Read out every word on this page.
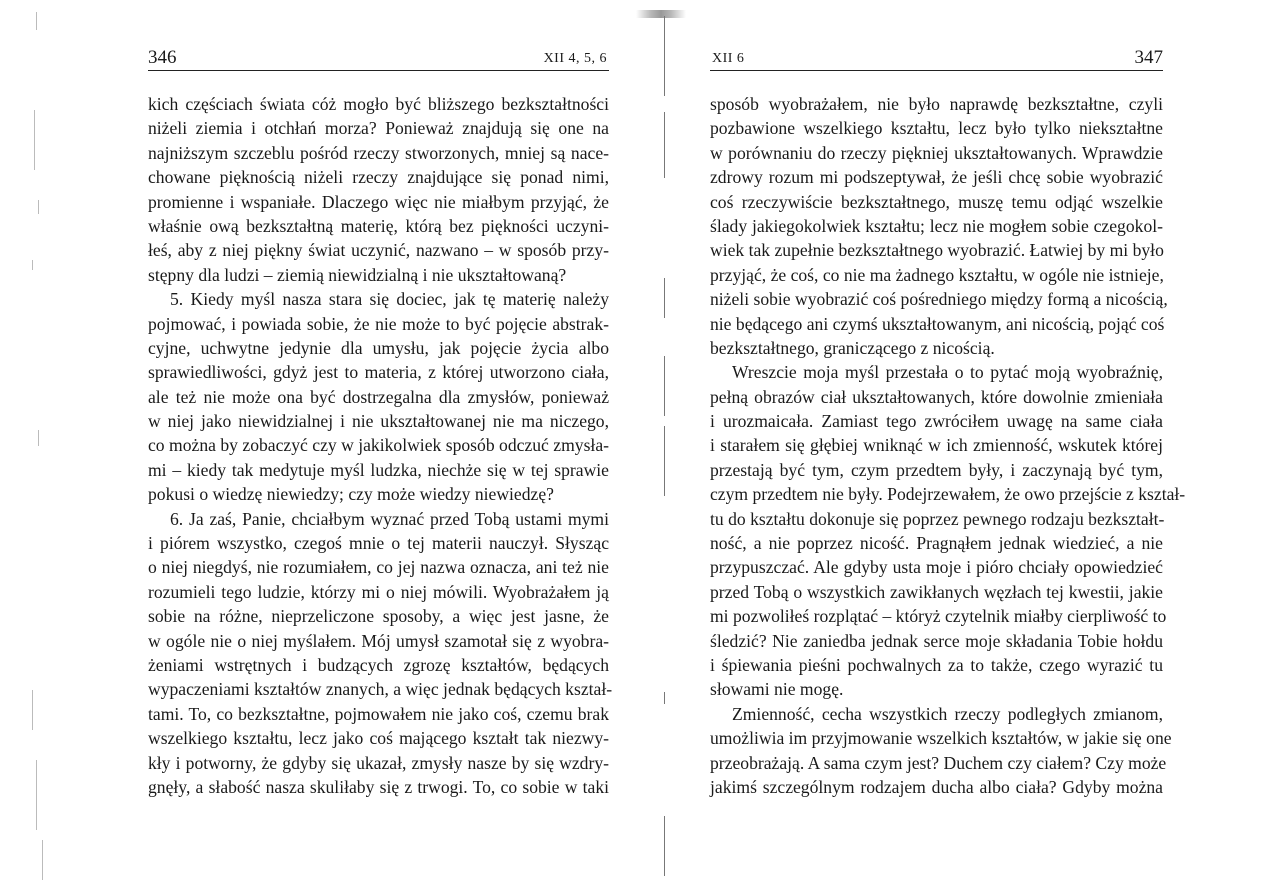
346	XII 4, 5, 6
kich częściach świata cóż mogło być bliższego bezkształtności
niżeli ziemia i otchłań morza? Ponieważ znajdują się one na
najniższym szczeblu pośród rzeczy stworzonych, mniej są nace-
chowane pięknością niżeli rzeczy znajdujące się ponad nimi,
promienne i wspaniałe. Dlaczego więc nie miałbym przyjąć, że
właśnie ową bezkształtną materię, którą bez piękności uczyni-
łeś, aby z niej piękny świat uczynić, nazwano – w sposób przy-
stępny dla ludzi – ziemią niewidzialną i nie ukształtowaną?
5. Kiedy myśl nasza stara się dociec, jak tę materię należy
pojmować, i powiada sobie, że nie może to być pojęcie abstrak-
cyjne, uchwytne jedynie dla umysłu, jak pojęcie życia albo
sprawiedliwości, gdyż jest to materia, z której utworzono ciała,
ale też nie może ona być dostrzegalna dla zmysłów, ponieważ
w niej jako niewidzialnej i nie ukształtowanej nie ma niczego,
co można by zobaczyć czy w jakikolwiek sposób odczuć zmysła-
mi – kiedy tak medytuje myśl ludzka, niechże się w tej sprawie
pokusi o wiedzę niewiedzy; czy może wiedzy niewiedzę?
6. Ja zaś, Panie, chciałbym wyznać przed Tobą ustami mymi
i piórem wszystko, czegoś mnie o tej materii nauczył. Słysząc
o niej niegdyś, nie rozumiałem, co jej nazwa oznacza, ani też nie
rozumieli tego ludzie, którzy mi o niej mówili. Wyobrażałem ją
sobie na różne, nieprzeliczone sposoby, a więc jest jasne, że
w ogóle nie o niej myślałem. Mój umysł szamotał się z wyobra-
żeniami wstrętnych i budzących zgrozę kształtów, będących
wypaczeniami kształtów znanych, a więc jednak będących kształ-
tami. To, co bezkształtne, pojmowałem nie jako coś, czemu brak
wszelkiego kształtu, lecz jako coś mającego kształt tak niezwy-
kły i potworny, że gdyby się ukazał, zmysły nasze by się wzdry-
gnęły, a słabość nasza skuliłaby się z trwogi. To, co sobie w taki
XII 6	347
sposób wyobrażałem, nie było naprawdę bezkształtne, czyli
pozbawione wszelkiego kształtu, lecz było tylko niekształtne
w porównaniu do rzeczy piękniej ukształtowanych. Wprawdzie
zdrowy rozum mi podszeptywał, że jeśli chcę sobie wyobrazić
coś rzeczywiście bezkształtnego, muszę temu odjąć wszelkie
ślady jakiegokolwiek kształtu; lecz nie mogłem sobie czegokol-
wiek tak zupełnie bezkształtnego wyobrazić. Łatwiej by mi było
przyjąć, że coś, co nie ma żadnego kształtu, w ogóle nie istnieje,
niżeli sobie wyobrazić coś pośredniego między formą a nicością,
nie będącego ani czymś ukształtowanym, ani nicością, pojąć coś
bezkształtnego, graniczącego z nicością.
Wreszcie moja myśl przestała o to pytać moją wyobraźnię,
pełną obrazów ciał ukształtowanych, które dowolnie zmieniała
i urozmaicała. Zamiast tego zwróciłem uwagę na same ciała
i starałem się głębiej wniknąć w ich zmienność, wskutek której
przestają być tym, czym przedtem były, i zaczynają być tym,
czym przedtem nie były. Podejrzewałem, że owo przejście z kształ-
tu do kształtu dokonuje się poprzez pewnego rodzaju bezkształt-
ność, a nie poprzez nicość. Pragnąłem jednak wiedzieć, a nie
przypuszczać. Ale gdyby usta moje i pióro chciały opowiedzieć
przed Tobą o wszystkich zawikłanych węzłach tej kwestii, jakie
mi pozwoliłeś rozplątać – któryż czytelnik miałby cierpliwość to
śledzić? Nie zaniedba jednak serce moje składania Tobie hołdu
i śpiewania pieśni pochwalnych za to także, czego wyrazić tu
słowami nie mogę.
Zmienność, cecha wszystkich rzeczy podległych zmianom,
umożliwia im przyjmowanie wszelkich kształtów, w jakie się one
przeobrażają. A sama czym jest? Duchem czy ciałem? Czy może
jakimś szczególnym rodzajem ducha albo ciała? Gdyby można
